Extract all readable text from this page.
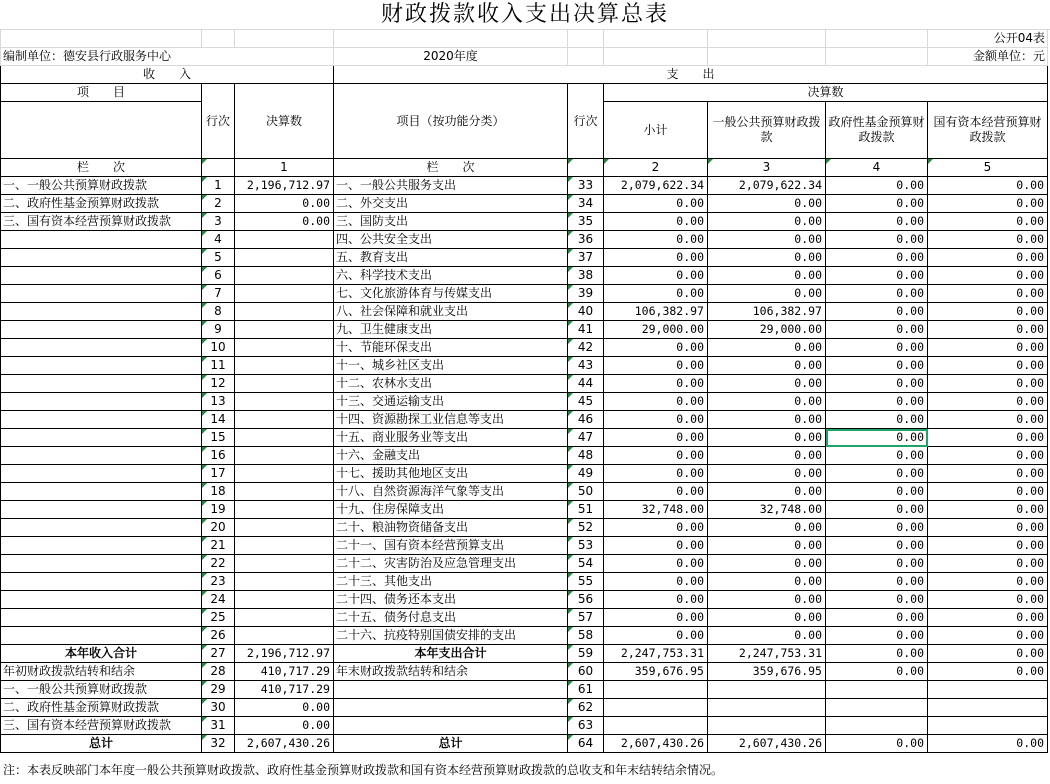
财政拨款收入支出决算总表
								公开04表
编制单位：德安县行政服务中心			2020年度					金额单位：元
收　　入			支　　出					
项　　目	行次	决算数	项目（按功能分类）	行次	决算数			
					小计	一般公共预算财政拨款	政府性基金预算财政拨款	国有资本经营预算财政拨款

栏　　次		1	栏　　次		2	3	4	5
一、一般公共预算财政拨款	1	2,196,712.97	一、一般公共服务支出	33	2,079,622.34	2,079,622.34	0.00	0.00
二、政府性基金预算财政拨款	2	0.00	二、外交支出	34	0.00	0.00	0.00	0.00
三、国有资本经营预算财政拨款	3	0.00	三、国防支出	35	0.00	0.00	0.00	0.00
	4		四、公共安全支出	36	0.00	0.00	0.00	0.00
	5		五、教育支出	37	0.00	0.00	0.00	0.00
	6		六、科学技术支出	38	0.00	0.00	0.00	0.00
	7		七、文化旅游体育与传媒支出	39	0.00	0.00	0.00	0.00
	8		八、社会保障和就业支出	40	106,382.97	106,382.97	0.00	0.00
	9		九、卫生健康支出	41	29,000.00	29,000.00	0.00	0.00
	10		十、节能环保支出	42	0.00	0.00	0.00	0.00
	11		十一、城乡社区支出	43	0.00	0.00	0.00	0.00
	12		十二、农林水支出	44	0.00	0.00	0.00	0.00
	13		十三、交通运输支出	45	0.00	0.00	0.00	0.00
	14		十四、资源勘探工业信息等支出	46	0.00	0.00	0.00	0.00
	15		十五、商业服务业等支出	47	0.00	0.00	0.00	0.00
	16		十六、金融支出	48	0.00	0.00	0.00	0.00
	17		十七、援助其他地区支出	49	0.00	0.00	0.00	0.00
	18		十八、自然资源海洋气象等支出	50	0.00	0.00	0.00	0.00
	19		十九、住房保障支出	51	32,748.00	32,748.00	0.00	0.00
	20		二十、粮油物资储备支出	52	0.00	0.00	0.00	0.00
	21		二十一、国有资本经营预算支出	53	0.00	0.00	0.00	0.00
	22		二十二、灾害防治及应急管理支出	54	0.00	0.00	0.00	0.00
	23		二十三、其他支出	55	0.00	0.00	0.00	0.00
	24		二十四、债务还本支出	56	0.00	0.00	0.00	0.00
	25		二十五、债务付息支出	57	0.00	0.00	0.00	0.00
	26		二十六、抗疫特别国债安排的支出	58	0.00	0.00	0.00	0.00
本年收入合计	27	2,196,712.97	本年支出合计	59	2,247,753.31	2,247,753.31	0.00	0.00
年初财政拨款结转和结余	28	410,717.29	年末财政拨款结转和结余	60	359,676.95	359,676.95	0.00	0.00
一、一般公共预算财政拨款	29	410,717.29		61				
二、政府性基金预算财政拨款	30	0.00		62				
三、国有资本经营预算财政拨款	31	0.00		63				
总计	32	2,607,430.26	总计	64	2,607,430.26	2,607,430.26	0.00	0.00
注：本表反映部门本年度一般公共预算财政拨款、政府性基金预算财政拨款和国有资本经营预算财政拨款的总收支和年末结转结余情况。
